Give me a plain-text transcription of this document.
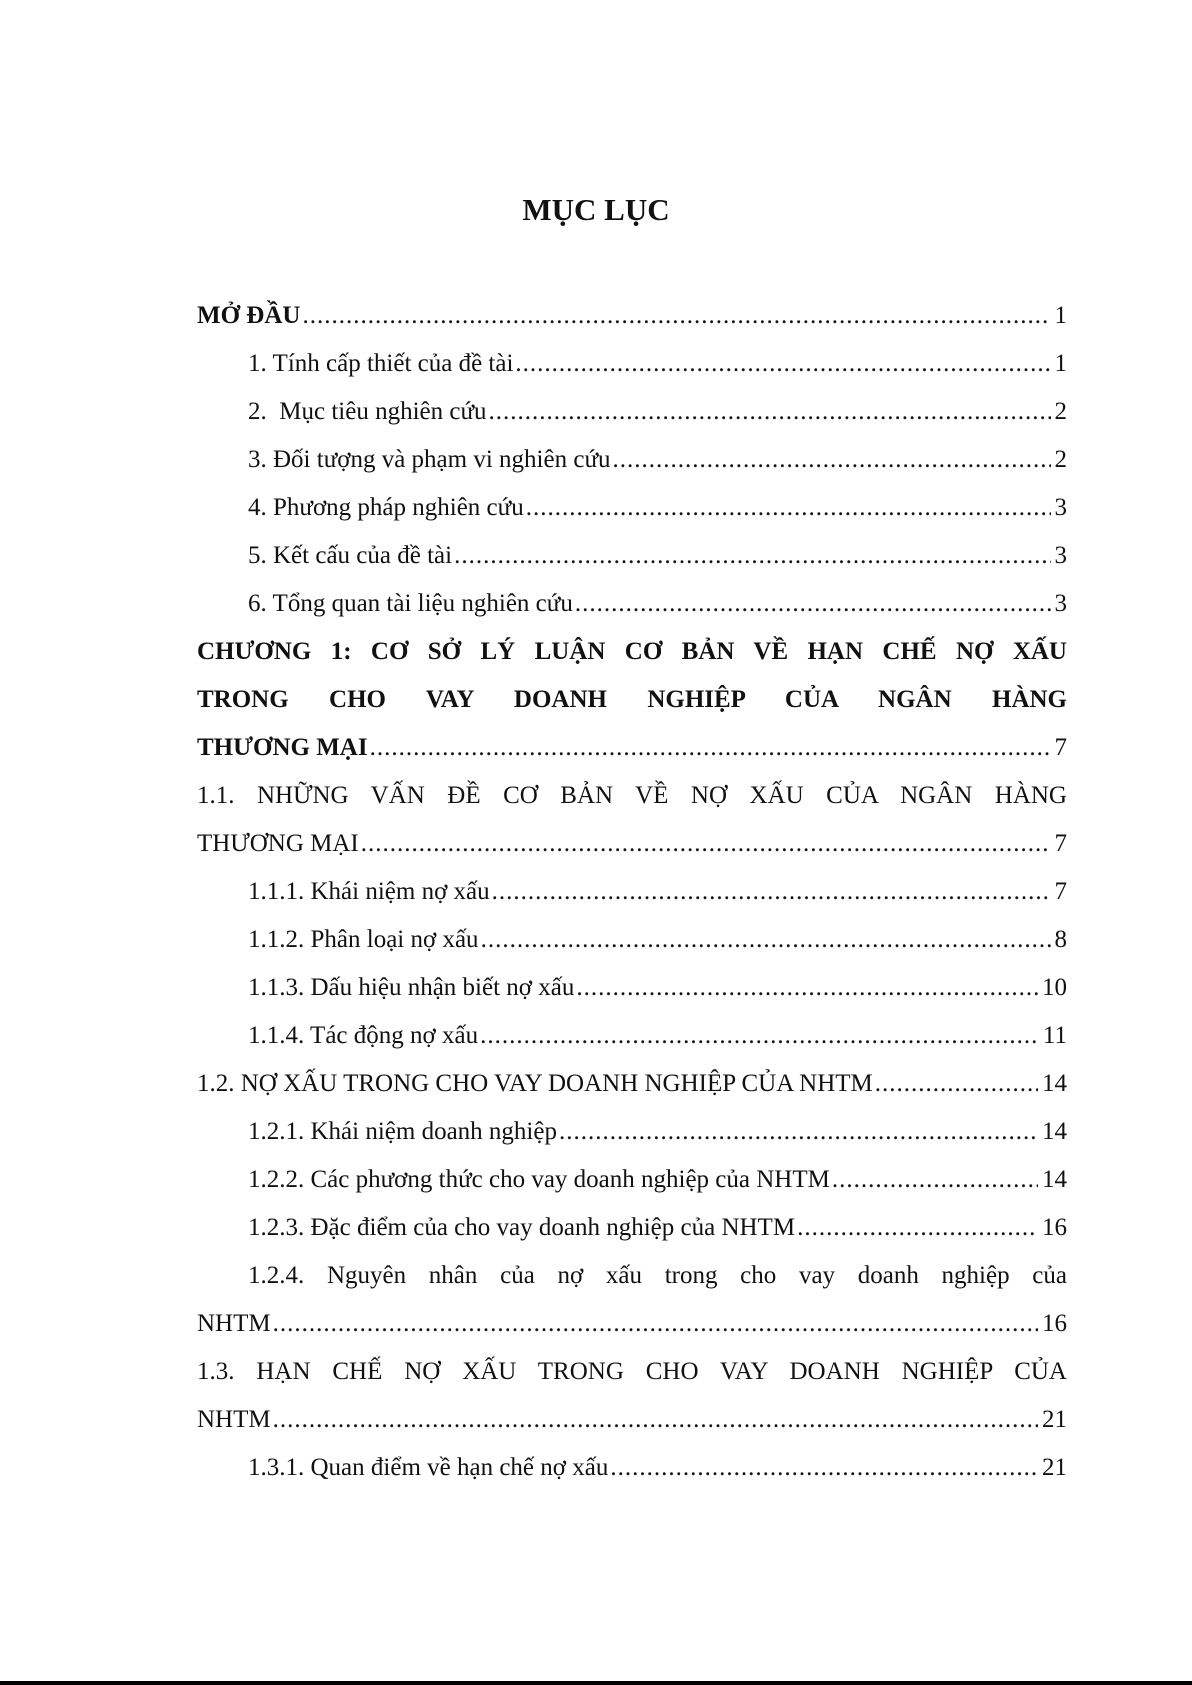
MỤC LỤC
MỞ ĐẦU .....	1
1. Tính cấp thiết của đề tài .....	1
2.  Mục tiêu nghiên cứu .....	2
3. Đối tượng và phạm vi nghiên cứu .....	2
4. Phương pháp nghiên cứu .....	3
5. Kết cấu của đề tài .....	3
6. Tổng quan tài liệu nghiên cứu .....	3
CHƯƠNG 1: CƠ SỞ LÝ LUẬN CƠ BẢN VỀ HẠN CHẾ NỢ XẤU
TRONG CHO VAY DOANH NGHIỆP CỦA NGÂN HÀNG
THƯƠNG MẠI .....	7
1.1. NHỮNG VẤN ĐỀ CƠ BẢN VỀ NỢ XẤU CỦA NGÂN HÀNG
THƯƠNG MẠI .....	7
1.1.1. Khái niệm nợ xấu .....	7
1.1.2. Phân loại nợ xấu .....	8
1.1.3. Dấu hiệu nhận biết nợ xấu .....	10
1.1.4. Tác động nợ xấu .....	11
1.2. NỢ XẤU TRONG CHO VAY DOANH NGHIỆP CỦA NHTM .....	14
1.2.1. Khái niệm doanh nghiệp .....	14
1.2.2. Các phương thức cho vay doanh nghiệp của NHTM .....	14
1.2.3. Đặc điểm của cho vay doanh nghiệp của NHTM .....	16
1.2.4. Nguyên nhân của nợ xấu trong cho vay doanh nghiệp của
NHTM .....	16
1.3. HẠN CHẾ NỢ XẤU TRONG CHO VAY DOANH NGHIỆP CỦA
NHTM .....	21
1.3.1. Quan điểm về hạn chế nợ xấu .....	21
